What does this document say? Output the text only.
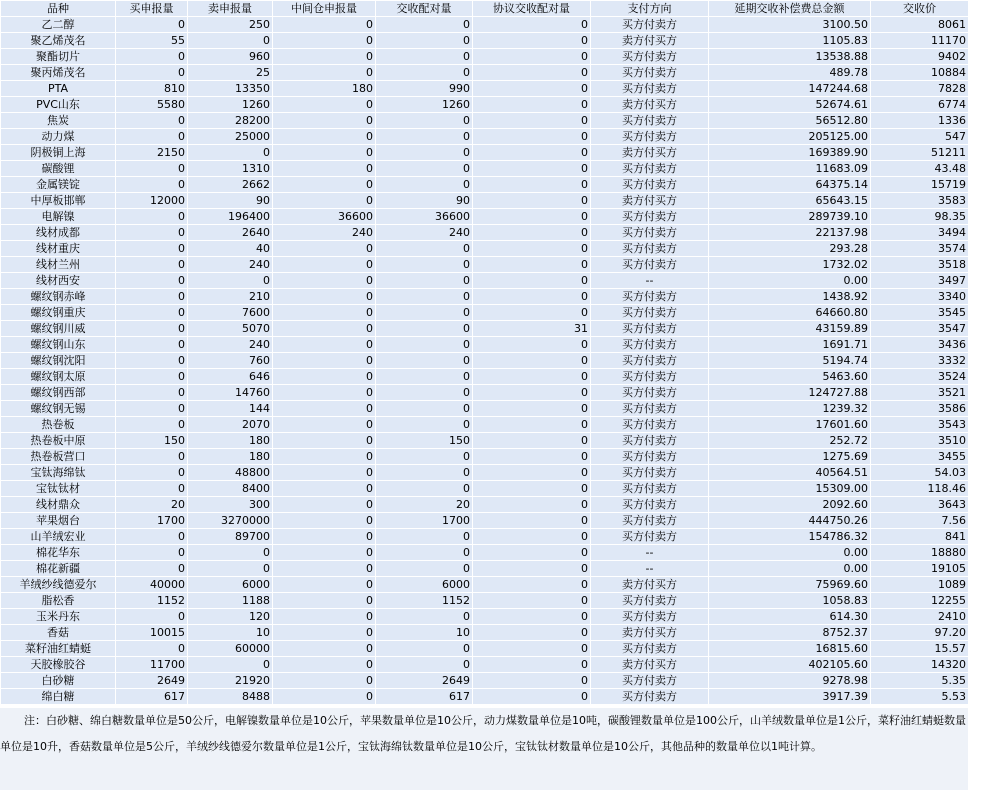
品种	买申报量	卖申报量	中间仓申报量	交收配对量	协议交收配对量	支付方向	延期交收补偿费总金额	交收价
乙二醇	0	250	0	0	0	买方付卖方	3100.50	8061
聚乙烯茂名	55	0	0	0	0	卖方付买方	1105.83	11170
聚酯切片	0	960	0	0	0	买方付卖方	13538.88	9402
聚丙烯茂名	0	25	0	0	0	买方付卖方	489.78	10884
PTA	810	13350	180	990	0	买方付卖方	147244.68	7828
PVC山东	5580	1260	0	1260	0	卖方付买方	52674.61	6774
焦炭	0	28200	0	0	0	买方付卖方	56512.80	1336
动力煤	0	25000	0	0	0	买方付卖方	205125.00	547
阴极铜上海	2150	0	0	0	0	卖方付买方	169389.90	51211
碳酸锂	0	1310	0	0	0	买方付卖方	11683.09	43.48
金属镁锭	0	2662	0	0	0	买方付卖方	64375.14	15719
中厚板邯郸	12000	90	0	90	0	卖方付买方	65643.15	3583
电解镍	0	196400	36600	36600	0	买方付卖方	289739.10	98.35
线材成都	0	2640	240	240	0	买方付卖方	22137.98	3494
线材重庆	0	40	0	0	0	买方付卖方	293.28	3574
线材兰州	0	240	0	0	0	买方付卖方	1732.02	3518
线材西安	0	0	0	0	0	--	0.00	3497
螺纹钢赤峰	0	210	0	0	0	买方付卖方	1438.92	3340
螺纹钢重庆	0	7600	0	0	0	买方付卖方	64660.80	3545
螺纹钢川威	0	5070	0	0	31	买方付卖方	43159.89	3547
螺纹钢山东	0	240	0	0	0	买方付卖方	1691.71	3436
螺纹钢沈阳	0	760	0	0	0	买方付卖方	5194.74	3332
螺纹钢太原	0	646	0	0	0	买方付卖方	5463.60	3524
螺纹钢西部	0	14760	0	0	0	买方付卖方	124727.88	3521
螺纹钢无锡	0	144	0	0	0	买方付卖方	1239.32	3586
热卷板	0	2070	0	0	0	买方付卖方	17601.60	3543
热卷板中原	150	180	0	150	0	买方付卖方	252.72	3510
热卷板营口	0	180	0	0	0	买方付卖方	1275.69	3455
宝钛海绵钛	0	48800	0	0	0	买方付卖方	40564.51	54.03
宝钛钛材	0	8400	0	0	0	买方付卖方	15309.00	118.46
线材鼎众	20	300	0	20	0	买方付卖方	2092.60	3643
苹果烟台	1700	3270000	0	1700	0	买方付卖方	444750.26	7.56
山羊绒宏业	0	89700	0	0	0	买方付卖方	154786.32	841
棉花华东	0	0	0	0	0	--	0.00	18880
棉花新疆	0	0	0	0	0	--	0.00	19105
羊绒纱线德爱尔	40000	6000	0	6000	0	卖方付买方	75969.60	1089
脂松香	1152	1188	0	1152	0	买方付卖方	1058.83	12255
玉米丹东	0	120	0	0	0	买方付卖方	614.30	2410
香菇	10015	10	0	10	0	卖方付买方	8752.37	97.20
菜籽油红蜻蜓	0	60000	0	0	0	买方付卖方	16815.60	15.57
天胶橡胶谷	11700	0	0	0	0	卖方付买方	402105.60	14320
白砂糖	2649	21920	0	2649	0	买方付卖方	9278.98	5.35
绵白糖	617	8488	0	617	0	买方付卖方	3917.39	5.53
注：白砂糖、绵白糖数量单位是50公斤，电解镍数量单位是10公斤，苹果数量单位是10公斤，动力煤数量单位是10吨，碳酸锂数量单位是100公斤，山羊绒数量单位是1公斤，菜籽油红蜻蜓数量单位是10升，香菇数量单位是5公斤，羊绒纱线德爱尔数量单位是1公斤，宝钛海绵钛数量单位是10公斤，宝钛钛材数量单位是10公斤，其他品种的数量单位以1吨计算。
